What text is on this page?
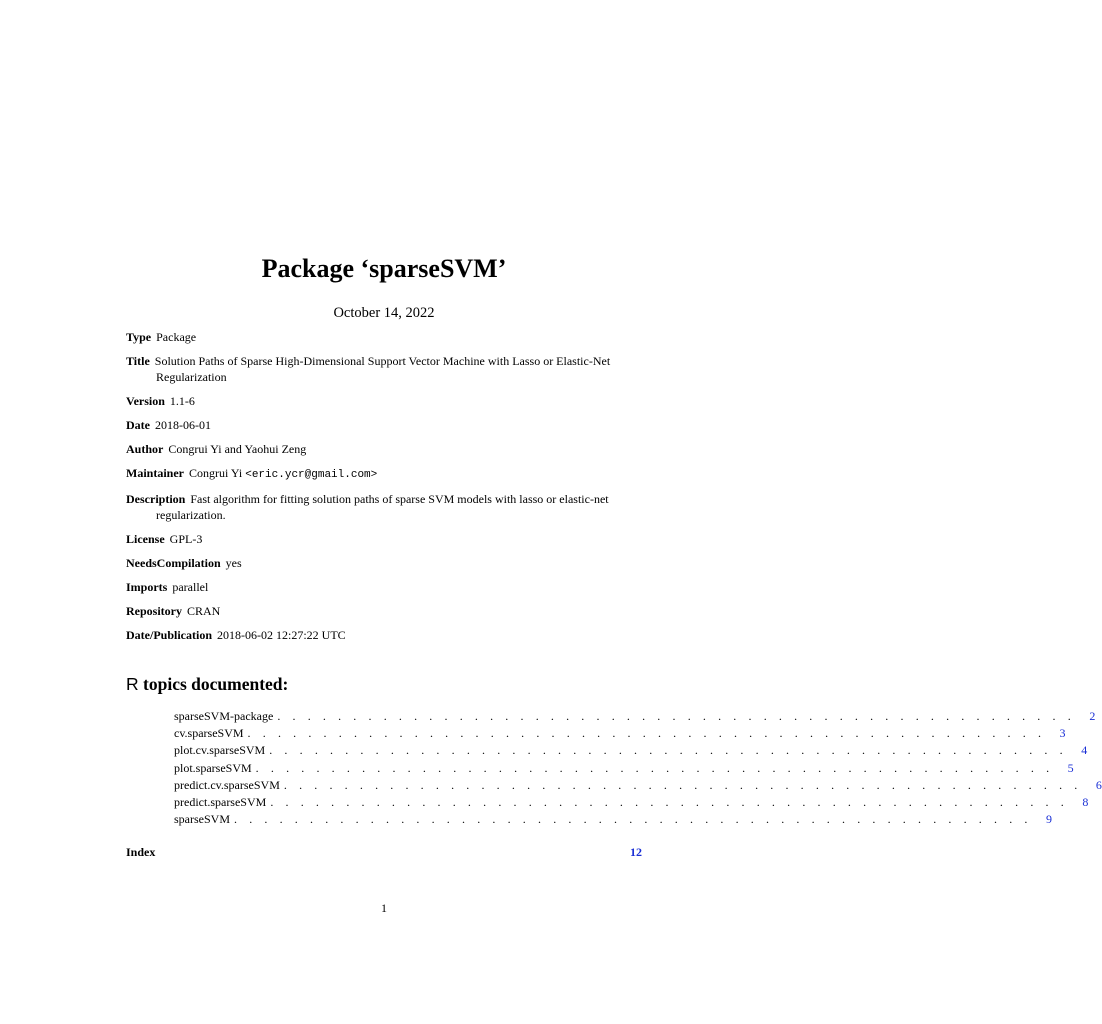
Package ‘sparseSVM’
October 14, 2022
Type Package
Title Solution Paths of Sparse High-Dimensional Support Vector Machine with Lasso or Elastic-Net Regularization
Version 1.1-6
Date 2018-06-01
Author Congrui Yi and Yaohui Zeng
Maintainer Congrui Yi <eric.ycr@gmail.com>
Description Fast algorithm for fitting solution paths of sparse SVM models with lasso or elastic-net regularization.
License GPL-3
NeedsCompilation yes
Imports parallel
Repository CRAN
Date/Publication 2018-06-02 12:27:22 UTC
R topics documented:
sparseSVM-package . . . . . . . . . . . . . . . . . . . . . . . . . . . . . . . . . . . . . . . . . . . . . . . . . . . . .	2
cv.sparseSVM . . . . . . . . . . . . . . . . . . . . . . . . . . . . . . . . . . . . . . . . . . . . . . . . . . . . .	3
plot.cv.sparseSVM . . . . . . . . . . . . . . . . . . . . . . . . . . . . . . . . . . . . . . . . . . . . . . . . . . . . .	4
plot.sparseSVM . . . . . . . . . . . . . . . . . . . . . . . . . . . . . . . . . . . . . . . . . . . . . . . . . . . . .	5
predict.cv.sparseSVM . . . . . . . . . . . . . . . . . . . . . . . . . . . . . . . . . . . . . . . . . . . . . . . . . . . . .	6
predict.sparseSVM . . . . . . . . . . . . . . . . . . . . . . . . . . . . . . . . . . . . . . . . . . . . . . . . . . . . .	8
sparseSVM . . . . . . . . . . . . . . . . . . . . . . . . . . . . . . . . . . . . . . . . . . . . . . . . . . . . .	9
Index	12
1
